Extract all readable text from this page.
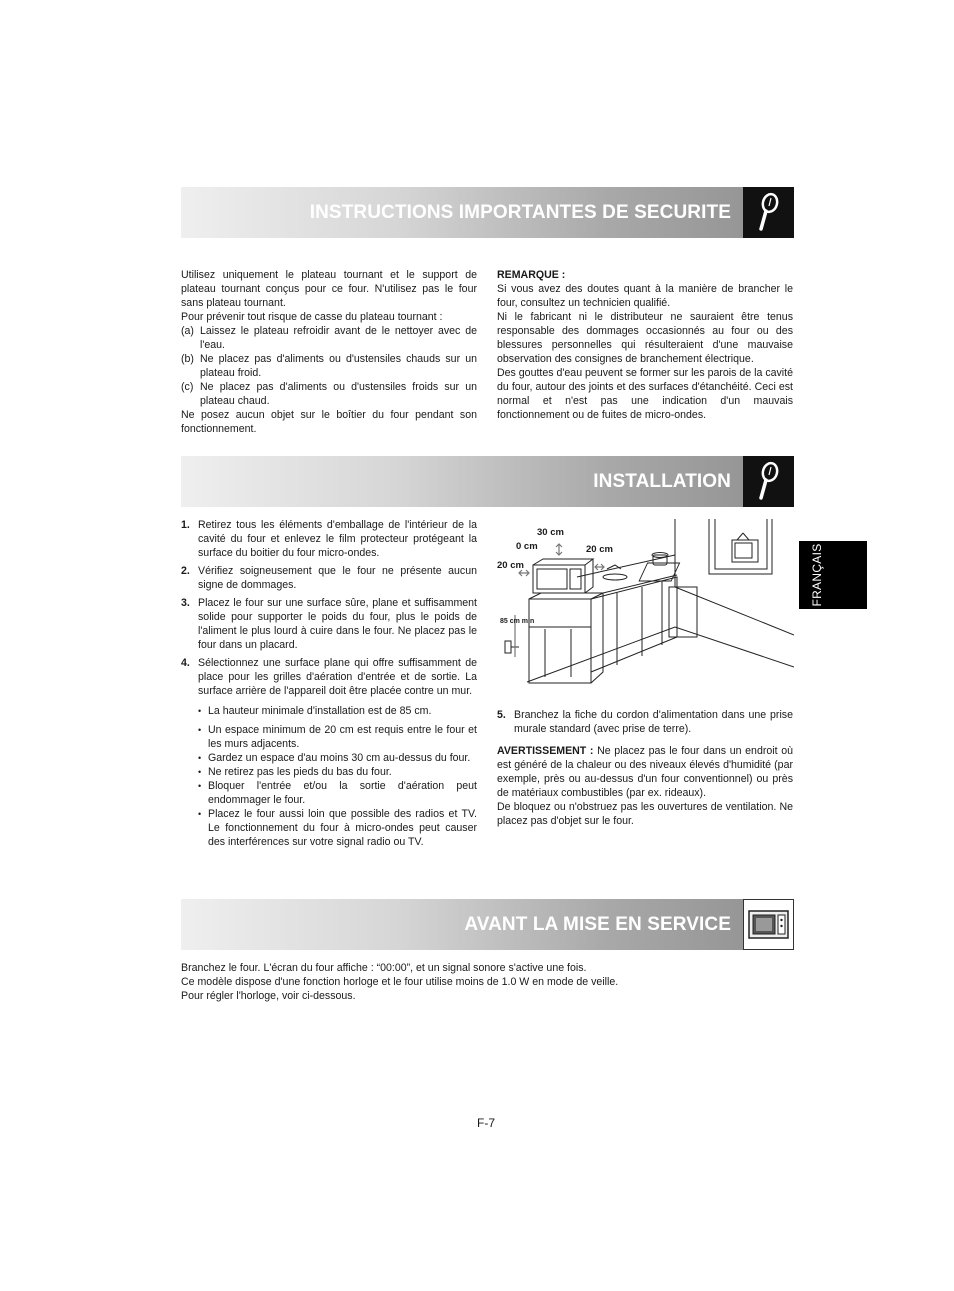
INSTRUCTIONS IMPORTANTES DE SECURITE
Utilisez uniquement le plateau tournant et le support de plateau tournant conçus pour ce four. N'utilisez pas le four sans plateau tournant.
Pour prévenir tout risque de casse du plateau tournant :
(a) Laissez le plateau refroidir avant de le nettoyer avec de l'eau.
(b) Ne placez pas d'aliments ou d'ustensiles chauds sur un plateau froid.
(c) Ne placez pas d'aliments ou d'ustensiles froids sur un plateau chaud.
Ne posez aucun objet sur le boîtier du four pendant son fonctionnement.
REMARQUE :
Si vous avez des doutes quant à la manière de brancher le four, consultez un technicien qualifié.
Ni le fabricant ni le distributeur ne sauraient être tenus responsable des dommages occasionnés au four ou des blessures personnelles qui résulteraient d'une mauvaise observation des consignes de branchement électrique.
Des gouttes d'eau peuvent se former sur les parois de la cavité du four, autour des joints et des surfaces d'étanchéité. Ceci est normal et n'est pas une indication d'un mauvais fonctionnement ou de fuites de micro-ondes.
INSTALLATION
1. Retirez tous les éléments d'emballage de l'intérieur de la cavité du four et enlevez le film protecteur protégeant la surface du boitier du four micro-ondes.
2. Vérifiez soigneusement que le four ne présente aucun signe de dommages.
3. Placez le four sur une surface sûre, plane et suffisamment solide pour supporter le poids du four, plus le poids de l'aliment le plus lourd à cuire dans le four. Ne placez pas le four dans un placard.
4. Sélectionnez une surface plane qui offre suffisamment de place pour les grilles d'aération d'entrée et de sortie. La surface arrière de l'appareil doit être placée contre un mur.
• La hauteur minimale d'installation est de 85 cm.
• Un espace minimum de 20 cm est requis entre le four et les murs adjacents.
• Gardez un espace d'au moins 30 cm au-dessus du four.
• Ne retirez pas les pieds du bas du four.
• Bloquer l'entrée et/ou la sortie d'aération peut endommager le four.
• Placez le four aussi loin que possible des radios et TV. Le fonctionnement du four à micro-ondes peut causer des interférences sur votre signal radio ou TV.
30 cm
0 cm
20 cm
20 cm
85 cm min
5. Branchez la fiche du cordon d'alimentation dans une prise murale standard (avec prise de terre).
AVERTISSEMENT : Ne placez pas le four dans un endroit où est généré de la chaleur ou des niveaux élevés d'humidité (par exemple, près ou au-dessus d'un four conventionnel) ou près de matériaux combustibles (par ex. rideaux).
De bloquez ou n'obstruez pas les ouvertures de ventilation. Ne placez pas d'objet sur le four.
FRANÇAIS
AVANT LA MISE EN SERVICE
Branchez le four. L'écran du four affiche : “00:00”, et un signal sonore s'active une fois.
Ce modèle dispose d'une fonction horloge et le four utilise moins de 1.0 W en mode de veille.
Pour régler l'horloge, voir ci-dessous.
F-7
